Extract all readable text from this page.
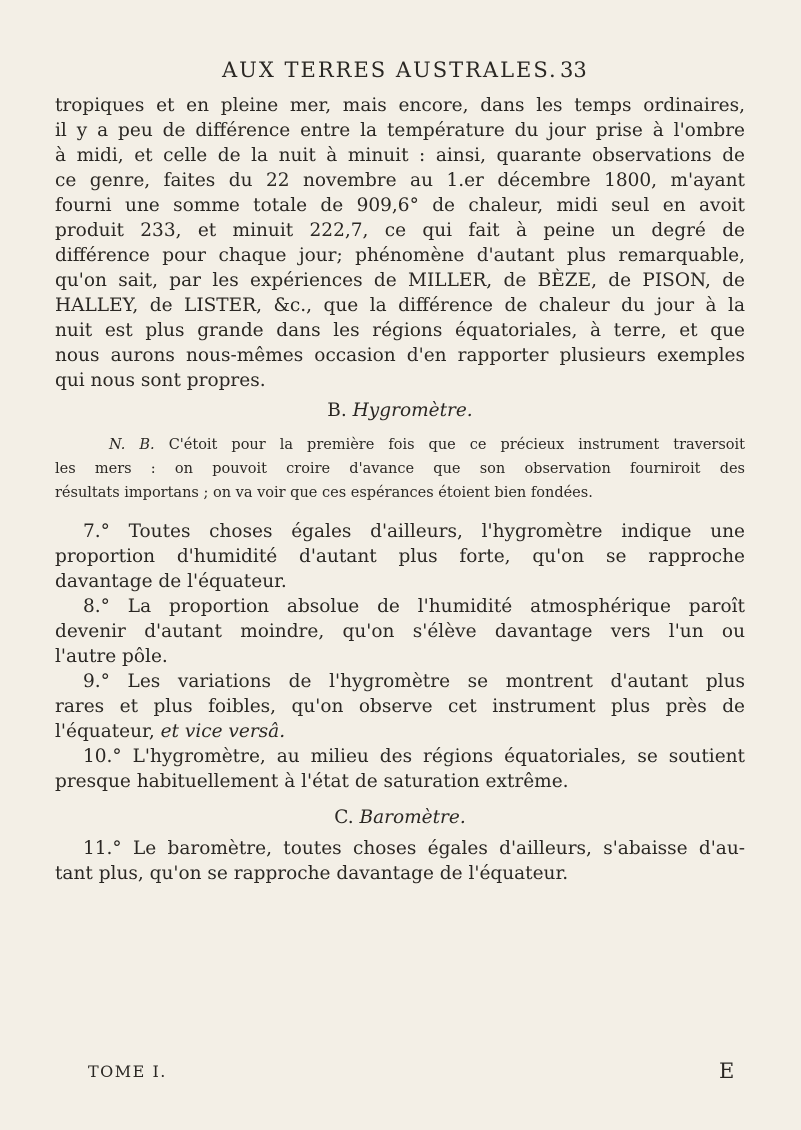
AUX TERRES AUSTRALES. 33
tropiques et en pleine mer, mais encore, dans les temps ordinaires,
il y a peu de différence entre la température du jour prise à l'ombre
à midi, et celle de la nuit à minuit : ainsi, quarante observations de
ce genre, faites du 22 novembre au 1.er décembre 1800, m'ayant
fourni une somme totale de 909,6° de chaleur, midi seul en avoit
produit 233, et minuit 222,7, ce qui fait à peine un degré de
différence pour chaque jour; phénomène d'autant plus remarquable,
qu'on sait, par les expériences de MILLER, de BÈZE, de PISON, de
HALLEY, de LISTER, &c., que la différence de chaleur du jour à la
nuit est plus grande dans les régions équatoriales, à terre, et que
nous aurons nous-mêmes occasion d'en rapporter plusieurs exemples
qui nous sont propres.
B. Hygromètre.
N. B. C'étoit pour la première fois que ce précieux instrument traversoit
les mers : on pouvoit croire d'avance que son observation fourniroit des
résultats importans ; on va voir que ces espérances étoient bien fondées.
7.° Toutes choses égales d'ailleurs, l'hygromètre indique une
proportion d'humidité d'autant plus forte, qu'on se rapproche
davantage de l'équateur.
8.° La proportion absolue de l'humidité atmosphérique paroît
devenir d'autant moindre, qu'on s'élève davantage vers l'un ou
l'autre pôle.
9.° Les variations de l'hygromètre se montrent d'autant plus
rares et plus foibles, qu'on observe cet instrument plus près de
l'équateur, et vice versâ.
10.° L'hygromètre, au milieu des régions équatoriales, se soutient
presque habituellement à l'état de saturation extrême.
C. Baromètre.
11.° Le baromètre, toutes choses égales d'ailleurs, s'abaisse d'au-
tant plus, qu'on se rapproche davantage de l'équateur.
TOME I.	E
